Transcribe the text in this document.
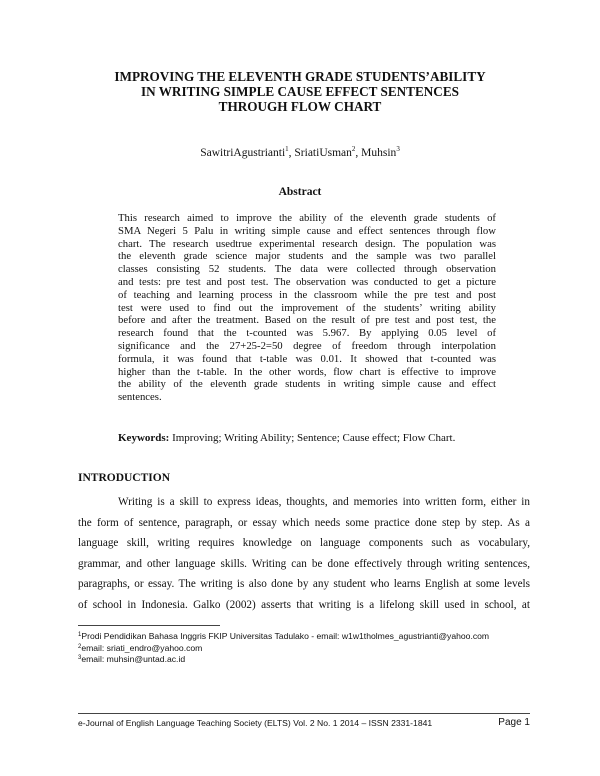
IMPROVING THE ELEVENTH GRADE STUDENTS’ABILITY
IN WRITING SIMPLE CAUSE EFFECT SENTENCES
THROUGH FLOW CHART
SawitriAgustrianti$^1$, SriatiUsman$^2$, Muhsin$^3$
Abstract
This research aimed to improve the ability of the eleventh grade students of
SMA Negeri 5 Palu in writing simple cause and effect sentences through flow
chart. The research usedtrue experimental research design. The population was
the eleventh grade science major students and the sample was two parallel
classes consisting 52 students. The data were collected through observation
and tests: pre test and post test. The observation was conducted to get a picture
of teaching and learning process in the classroom while the pre test and post
test were used to find out the improvement of the students’ writing ability
before and after the treatment. Based on the result of pre test and post test, the
research found that the t-counted was 5.967. By applying 0.05 level of
significance and the 27+25-2=50 degree of freedom through interpolation
formula, it was found that t-table was 0.01. It showed that t-counted was
higher than the t-table. In the other words, flow chart is effective to improve
the ability of the eleventh grade students in writing simple cause and effect
sentences.
Keywords: Improving; Writing Ability; Sentence; Cause effect; Flow Chart.
INTRODUCTION
Writing is a skill to express ideas, thoughts, and memories into written form, either in
the form of sentence, paragraph, or essay which needs some practice done step by step. As a
language skill, writing requires knowledge on language components such as vocabulary,
grammar, and other language skills. Writing can be done effectively through writing sentences,
paragraphs, or essay. The writing is also done by any student who learns English at some levels
of school in Indonesia. Galko (2002) asserts that writing is a lifelong skill used in school, at
$^1$Prodi Pendidikan Bahasa Inggris FKIP Universitas Tadulako - email: w1w1tholmes_agustrianti@yahoo.com
$^2$email: sriati_endro@yahoo.com
$^3$email: muhsin@untad.ac.id
e-Journal of English Language Teaching Society (ELTS) Vol. 2 No. 1 2014 – ISSN 2331-1841	Page 1
